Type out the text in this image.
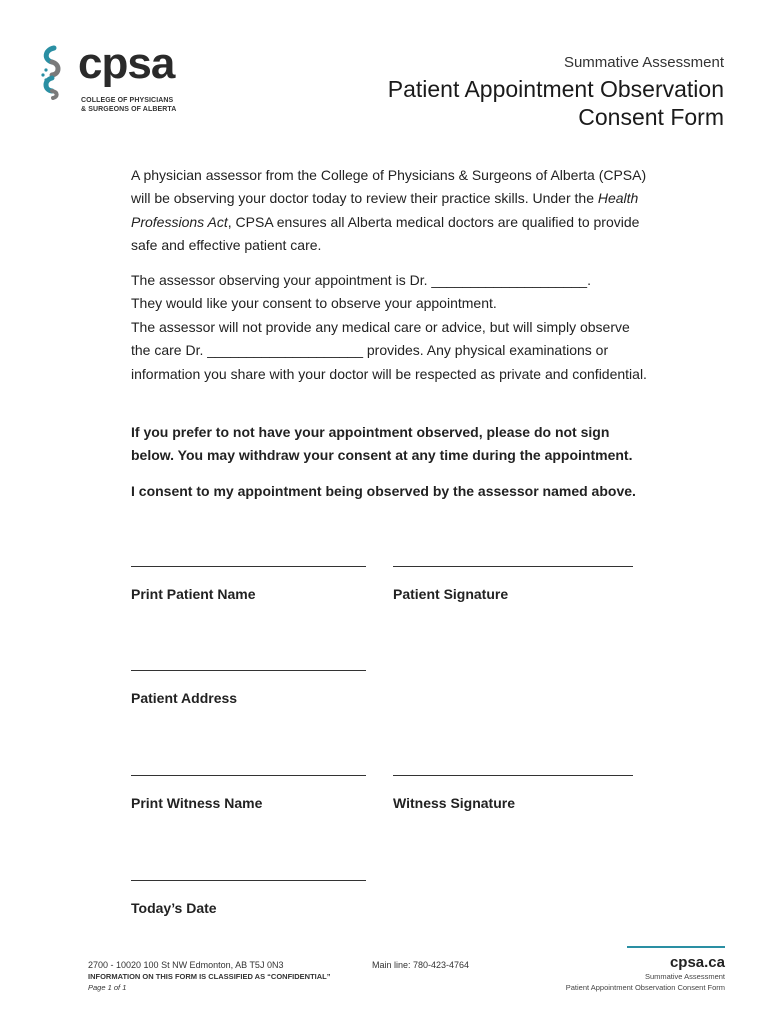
cpsa
COLLEGE OF PHYSICIANS
& SURGEONS OF ALBERTA
Summative Assessment
Patient Appointment Observation
Consent Form

A physician assessor from the College of Physicians & Surgeons of Alberta (CPSA) will be observing your doctor today to review their practice skills. Under the Health Professions Act, CPSA ensures all Alberta medical doctors are qualified to provide safe and effective patient care.

The assessor observing your appointment is Dr. ____________________.

They would like your consent to observe your appointment.

The assessor will not provide any medical care or advice, but will simply observe the care Dr. ____________________ provides. Any physical examinations or information you share with your doctor will be respected as private and confidential.

If you prefer to not have your appointment observed, please do not sign below. You may withdraw your consent at any time during the appointment.

I consent to my appointment being observed by the assessor named above.

Print Patient Name	Patient Signature
Patient Address
Print Witness Name	Witness Signature
Today’s Date
2700 - 10020 100 St NW Edmonton, AB T5J 0N3
INFORMATION ON THIS FORM IS CLASSIFIED AS “CONFIDENTIAL”
Page 1 of 1
Main line: 780-423-4764	cpsa.ca
Summative Assessment
Patient Appointment Observation Consent Form
